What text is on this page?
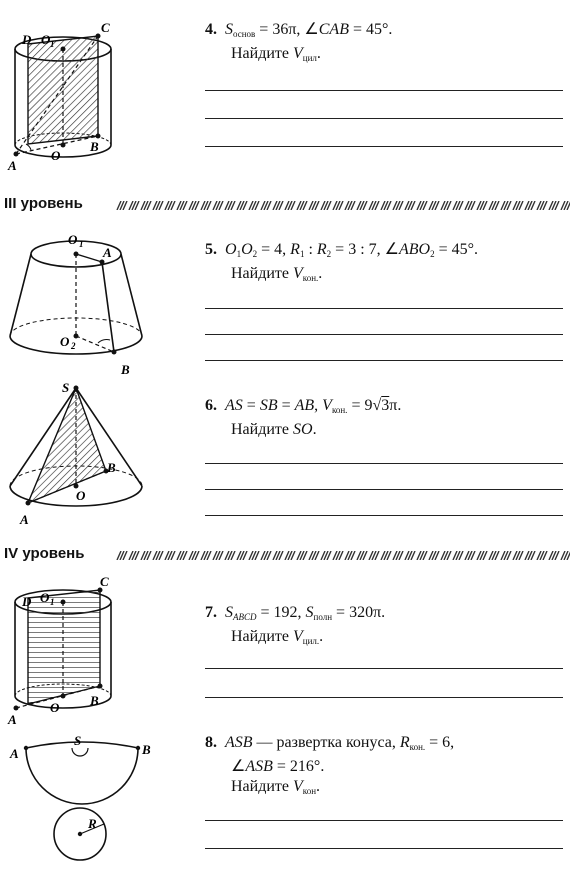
C
D O 1
A
O
B
4. $S_{основ} = 36\pi$, ∠CAB = 45°.
Найдите $V_{цил}$.
III уровень
O 1
A
O 2
B
5. $O_1O_2 = 4$, $R_1$ : $R_2 = 3$ : 7, $\angle ABO_2 = 45^\circ$.
Найдите $V_{кон.}$.
S
B
O
A
6. AS = SB = AB, $V_{кон.} = 9√3\pi$.
Найдите SO.
IV уровень
C
D O 1
A
O B
7. $S_{ABCD} = 192$, $S_{полн} = 320\pi$.
Найдите $V_{цил.}$.
A
S
B
R
8. ASB — развертка конуса, $R_{кон.} = 6$,
∠ASB = 216°.
Найдите $V_{кон}$.
